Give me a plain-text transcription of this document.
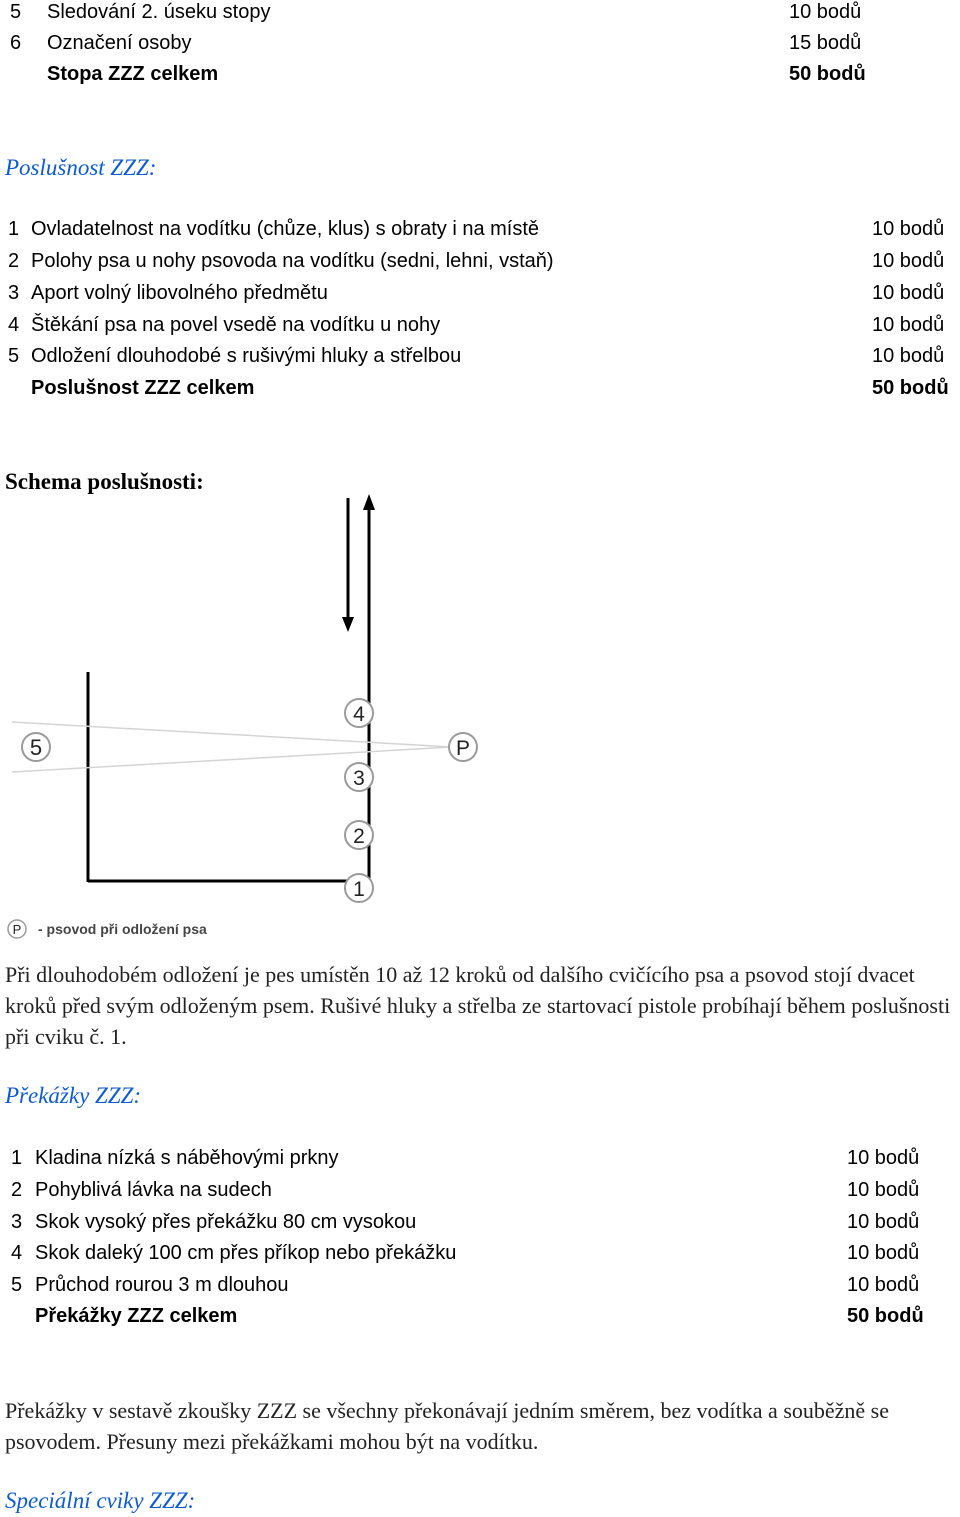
5 Sledování 2. úseku stopy	10 bodů
6 Označení osoby	15 bodů
Stopa ZZZ celkem	50 bodů
Poslušnost ZZZ:
1 Ovladatelnost na vodítku (chůze, klus) s obraty i na místě	10 bodů
2 Polohy psa u nohy psovoda na vodítku (sedni, lehni, vstaň)	10 bodů
3 Aport volný libovolného předmětu	10 bodů
4 Štěkání psa na povel vsedě na vodítku u nohy	10 bodů
5 Odložení dlouhodobé s rušivými hluky a střelbou	10 bodů
Poslušnost ZZZ celkem	50 bodů
Schema poslušnosti:
5	P
4
3
2
1
P - psovod při odložení psa
Při dlouhodobém odložení je pes umístěn 10 až 12 kroků od dalšího cvičícího psa a psovod stojí dvacet kroků před svým odloženým psem. Rušivé hluky a střelba ze startovací pistole probíhají během poslušnosti při cviku č. 1.
Překážky ZZZ:
1 Kladina nízká s náběhovými prkny	10 bodů
2 Pohyblivá lávka na sudech	10 bodů
3 Skok vysoký přes překážku 80 cm vysokou	10 bodů
4 Skok daleký 100 cm přes příkop nebo překážku	10 bodů
5 Průchod rourou 3 m dlouhou	10 bodů
Překážky ZZZ celkem	50 bodů
Překážky v sestavě zkoušky ZZZ se všechny překonávají jedním směrem, bez vodítka a souběžně se psovodem. Přesuny mezi překážkami mohou být na vodítku.
Speciální cviky ZZZ:
